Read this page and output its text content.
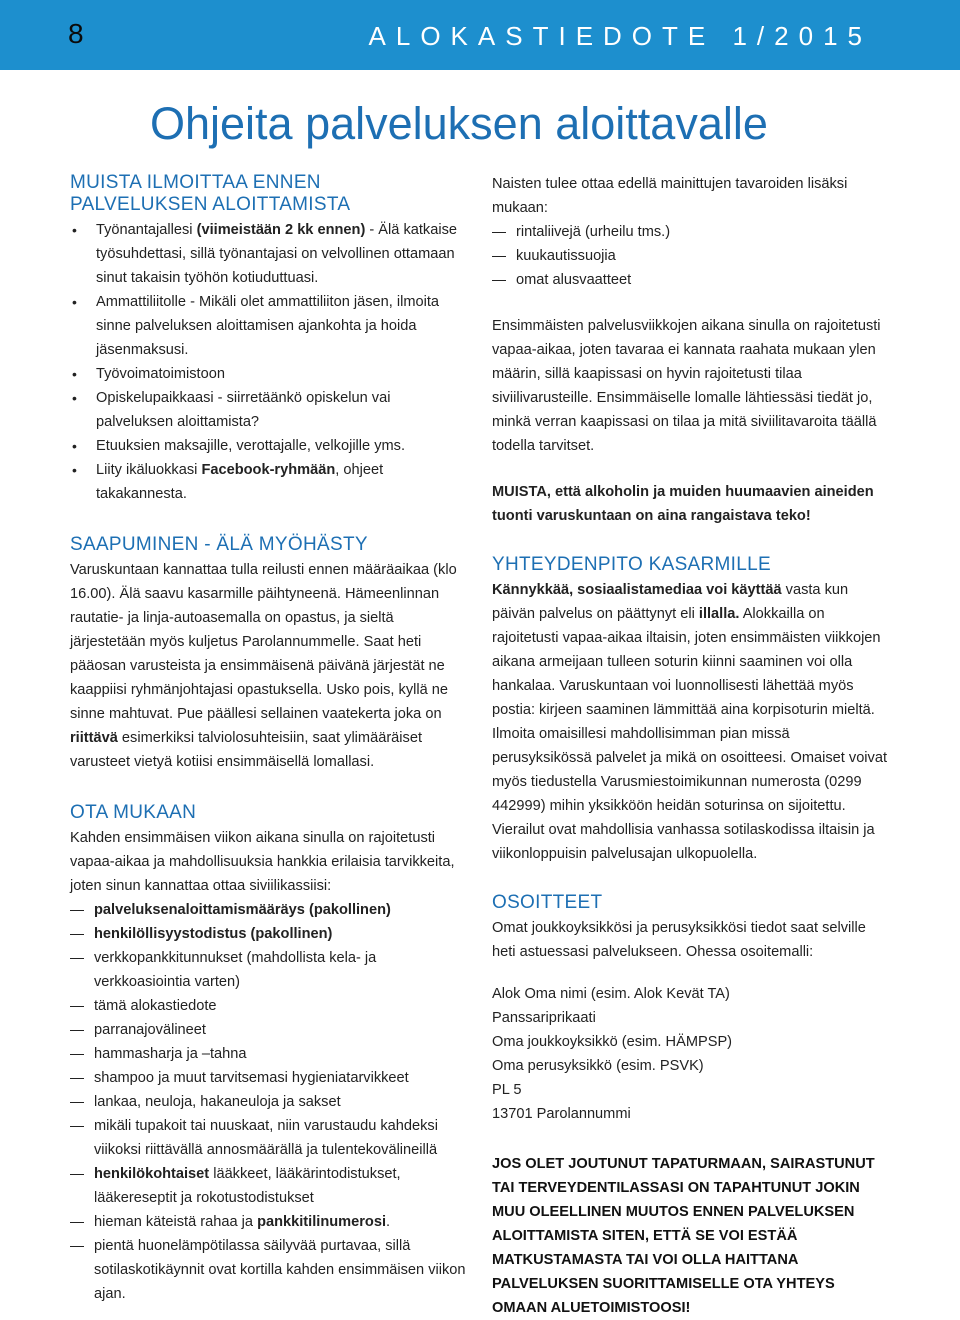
8	ALOKASTIEDOTE 1/2015
Ohjeita palveluksen aloittavalle
MUISTA ILMOITTAA ENNEN
PALVELUKSEN ALOITTAMISTA
• Työnantajallesi (viimeistään 2 kk ennen) - Älä katkaise työsuhdettasi, sillä työnantajasi on velvollinen ottamaan sinut takaisin työhön kotiuduttuasi.
• Ammattiliitolle - Mikäli olet ammattiliiton jäsen, ilmoita sinne palveluksen aloittamisen ajankohta ja hoida jäsenmaksusi.
• Työvoimatoimistoon
• Opiskelupaikkaasi - siirretäänkö opiskelun vai palveluksen aloittamista?
• Etuuksien maksajille, verottajalle, velkojille yms.
• Liity ikäluokkasi Facebook-ryhmään, ohjeet takakannesta.
SAAPUMINEN - ÄLÄ MYÖHÄSTY

Varuskuntaan kannattaa tulla reilusti ennen määräaikaa (klo 16.00). Älä saavu kasarmille päihtyneenä. Hämeenlinnan rautatie- ja linja-autoasemalla on opastus, ja sieltä järjestetään myös kuljetus Parolannummelle. Saat heti pääosan varusteista ja ensimmäisenä päivänä järjestät ne kaappiisi ryhmänjohtajasi opastuksella. Usko pois, kyllä ne sinne mahtuvat. Pue päällesi sellainen vaatekerta joka on riittävä esimerkiksi talviolosuhteisiin, saat ylimääräiset varusteet vietyä kotiisi ensimmäisellä lomallasi.

OTA MUKAAN

Kahden ensimmäisen viikon aikana sinulla on rajoitetusti vapaa-aikaa ja mahdollisuuksia hankkia erilaisia tarvikkeita, joten sinun kannattaa ottaa siviilikassiisi:

palveluksenaloittamismääräys (pakollinen)
henkilöllisyystodistus (pakollinen)
verkkopankkitunnukset (mahdollista kela- ja verkkoasiointia varten)
tämä alokastiedote
parranajovälineet
hammasharja ja –tahna
shampoo ja muut tarvitsemasi hygieniatarvikkeet
lankaa, neuloja, hakaneuloja ja sakset
mikäli tupakoit tai nuuskaat, niin varustaudu kahdeksi viikoksi riittävällä annosmäärällä ja tulentekovälineillä
henkilökohtaiset lääkkeet, lääkärintodistukset, lääkereseptit ja rokotustodistukset
hieman käteistä rahaa ja pankkitilinumerosi.
pientä huonelämpötilassa säilyvää purtavaa, sillä sotilaskotikäynnit ovat kortilla kahden ensimmäisen viikon ajan.

Naisten tulee ottaa edellä mainittujen tavaroiden lisäksi mukaan:

rintaliivejä (urheilu tms.)
kuukautissuojia
omat alusvaatteet

Ensimmäisten palvelusviikkojen aikana sinulla on rajoitetusti vapaa-aikaa, joten tavaraa ei kannata raahata mukaan ylen määrin, sillä kaapissasi on hyvin rajoitetusti tilaa siviilivarusteille. Ensimmäiselle lomalle lähtiessäsi tiedät jo, minkä verran kaapissasi on tilaa ja mitä siviilitavaroita täällä todella tarvitset.

MUISTA, että alkoholin ja muiden huumaavien aineiden tuonti varuskuntaan on aina rangaistava teko!

YHTEYDENPITO KASARMILLE

Kännykkää, sosiaalistamediaa voi käyttää vasta kun päivän palvelus on päättynyt eli illalla. Alokkailla on rajoitetusti vapaa-aikaa iltaisin, joten ensimmäisten viikkojen aikana armeijaan tulleen soturin kiinni saaminen voi olla hankalaa. Varuskuntaan voi luonnollisesti lähettää myös postia: kirjeen saaminen lämmittää aina korpisoturin mieltä. Ilmoita omaisillesi mahdollisimman pian missä perusyksikössä palvelet ja mikä on osoitteesi. Omaiset voivat myös tiedustella Varusmiestoimikunnan numerosta (0299 442999) mihin yksikköön heidän soturinsa on sijoitettu. Vierailut ovat mahdollisia vanhassa sotilaskodissa iltaisin ja viikonloppuisin palvelusajan ulkopuolella.

OSOITTEET

Omat joukkoyksikkösi ja perusyksikkösi tiedot saat selville heti astuessasi palvelukseen. Ohessa osoitemalli:

Alok Oma nimi (esim. Alok Kevät TA)

Panssariprikaati

Oma joukkoyksikkö (esim. HÄMPSP)

Oma perusyksikkö (esim. PSVK)

PL 5

13701 Parolannummi

JOS OLET JOUTUNUT TAPATURMAAN, SAIRASTUNUT TAI TERVEYDENTILASSASI ON TAPAHTUNUT JOKIN MUU OLEELLINEN MUUTOS ENNEN PALVELUKSEN ALOITTAMISTA SITEN, ETTÄ SE VOI ESTÄÄ MATKUSTAMASTA TAI VOI OLLA HAITTANA PALVELUKSEN SUORITTAMISELLE OTA YHTEYS OMAAN ALUETOIMISTOOSI!
